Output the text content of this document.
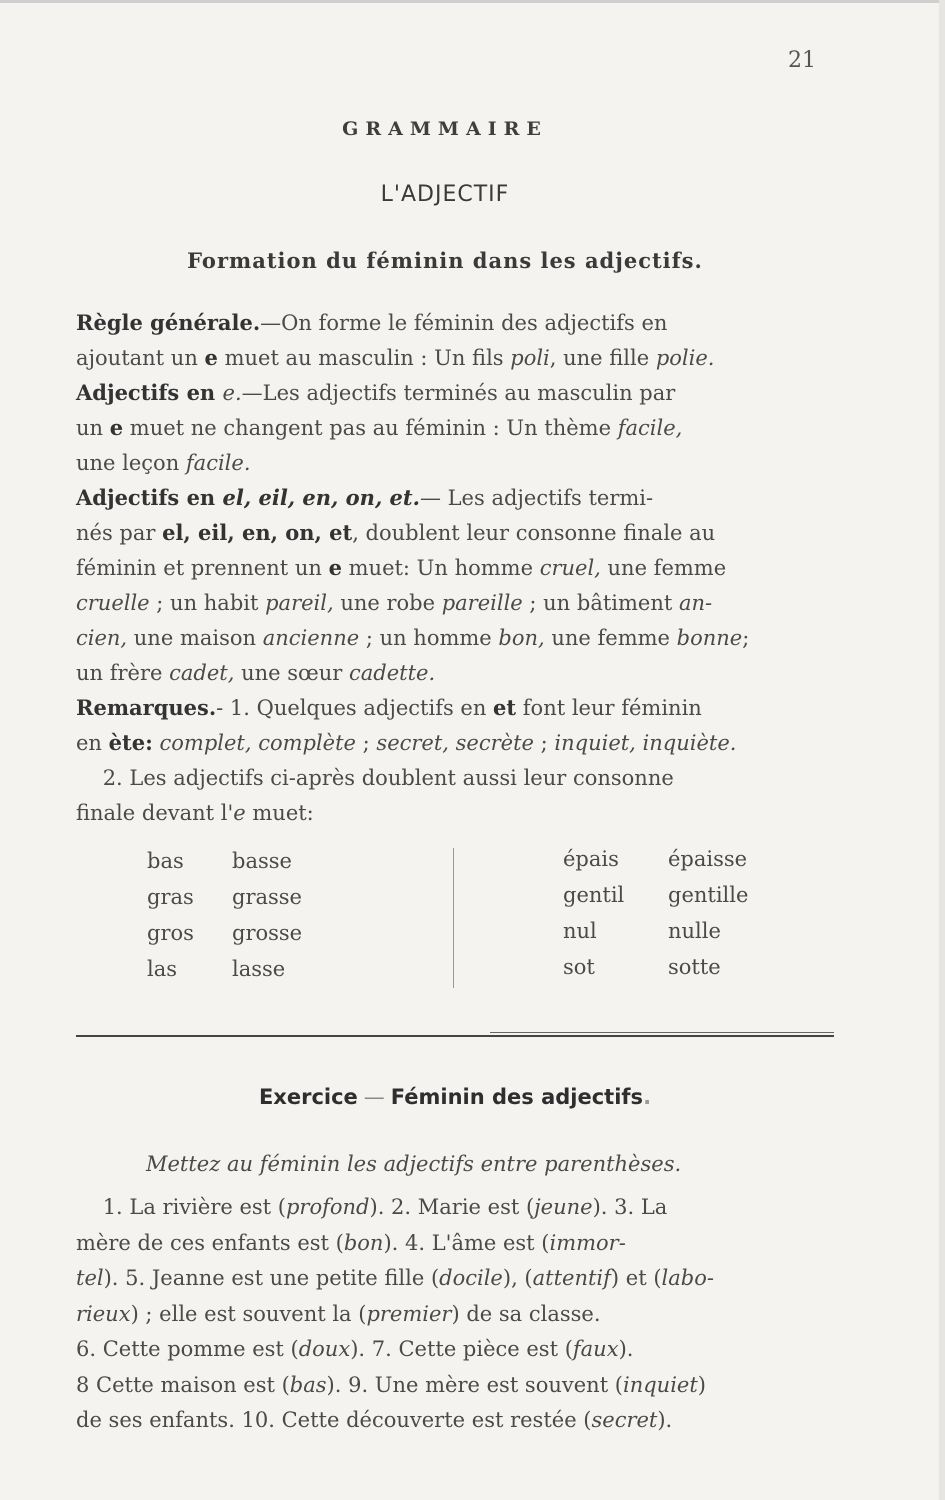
21
GRAMMAIRE
L'ADJECTIF
Formation du féminin dans les adjectifs.
Règle générale.—On forme le féminin des adjectifs en
ajoutant un e muet au masculin : Un fils poli, une fille polie.
Adjectifs en e.—Les adjectifs terminés au masculin par
un e muet ne changent pas au féminin : Un thème facile,
une leçon facile.
Adjectifs en el, eil, en, on, et.— Les adjectifs termi-
nés par el, eil, en, on, et, doublent leur consonne finale au
féminin et prennent un e muet: Un homme cruel, une femme
cruelle ; un habit pareil, une robe pareille ; un bâtiment an-
cien, une maison ancienne ; un homme bon, une femme bonne;
un frère cadet, une sœur cadette.
Remarques.- 1. Quelques adjectifs en et font leur féminin
en ète: complet, complète ; secret, secrète ; inquiet, inquiète.
2. Les adjectifs ci-après doublent aussi leur consonne
finale devant l'e muet:
bas basse
gras grasse
gros grosse
las	lasse
épais épaisse
gentil gentille
nul	nulle
sot	sotte
Exercice — Féminin des adjectifs.
Mettez au féminin les adjectifs entre parenthèses.
1. La rivière est (profond). 2. Marie est (jeune). 3. La
mère de ces enfants est (bon). 4. L'âme est (immor-
tel). 5. Jeanne est une petite fille (docile), (attentif) et (labo-
rieux) ; elle est souvent la (premier) de sa classe.
6. Cette pomme est (doux). 7. Cette pièce est (faux).
8 Cette maison est (bas). 9. Une mère est souvent (inquiet)
de ses enfants. 10. Cette découverte est restée (secret).
